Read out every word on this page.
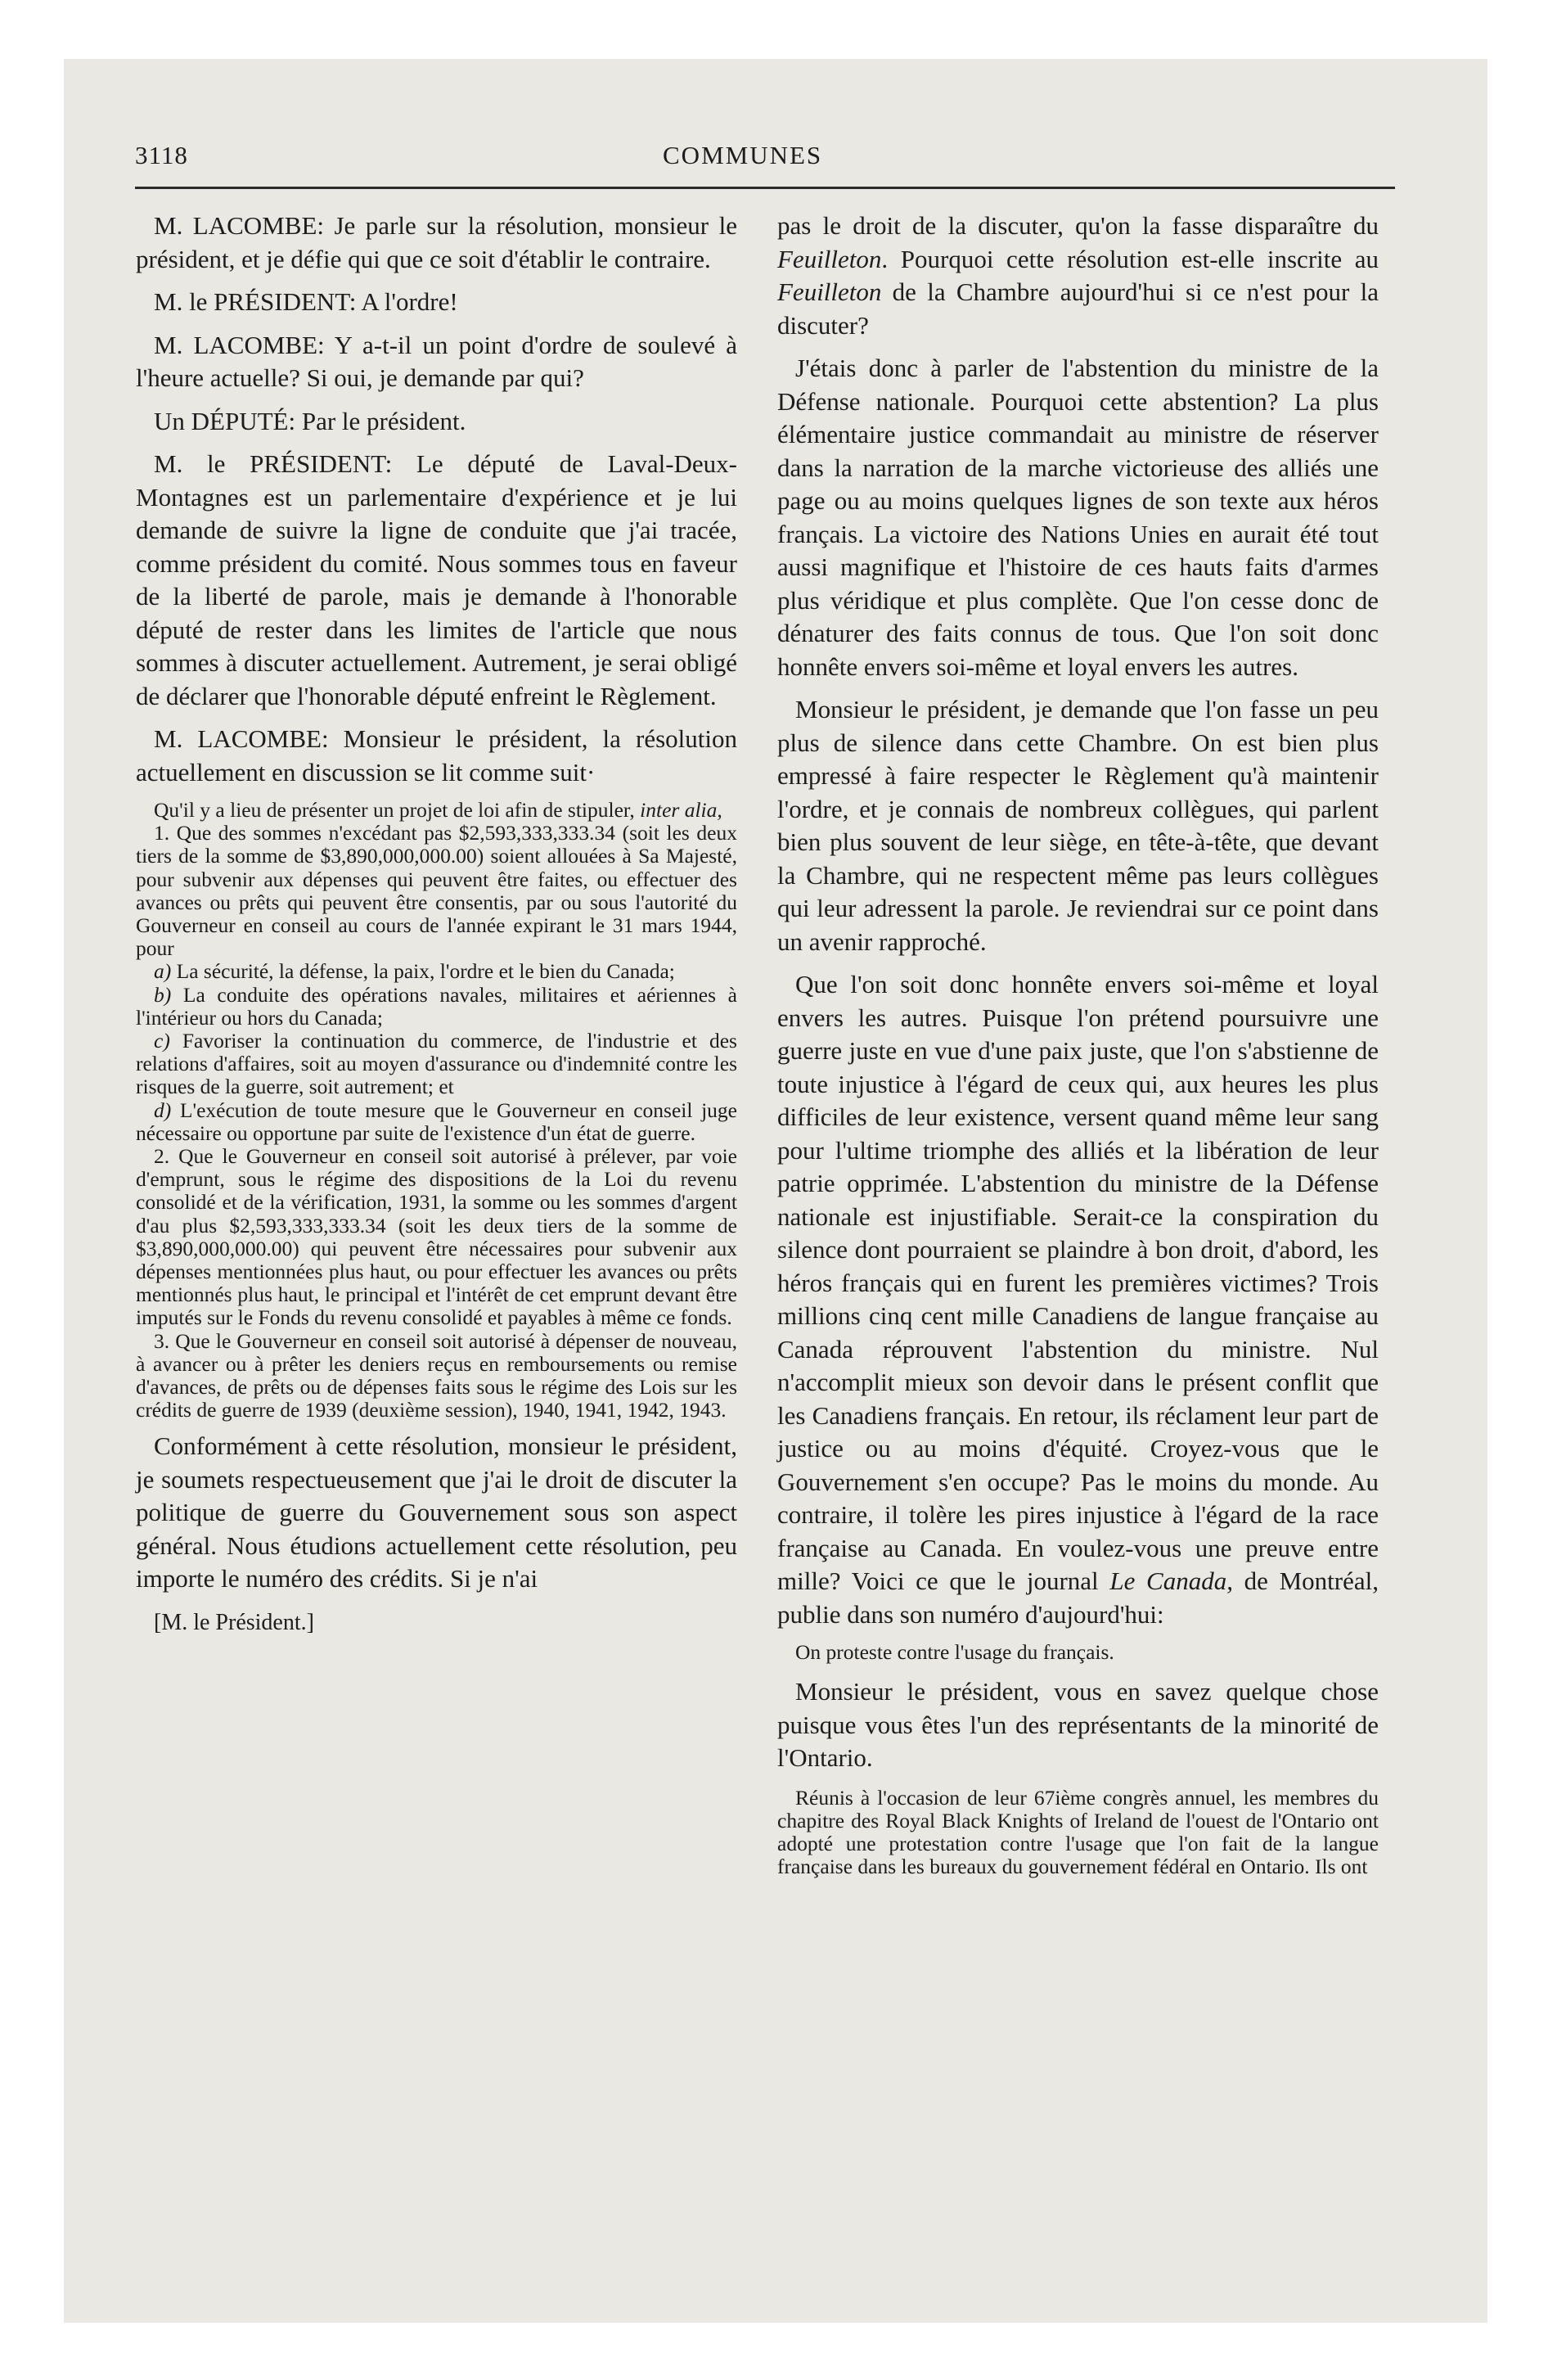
3118	COMMUNES

M. LACOMBE: Je parle sur la résolution, monsieur le président, et je défie qui que ce soit d'établir le contraire.

M. le PRÉSIDENT: A l'ordre!

M. LACOMBE: Y a-t-il un point d'ordre de soulevé à l'heure actuelle? Si oui, je demande par qui?

Un DÉPUTÉ: Par le président.

M. le PRÉSIDENT: Le député de Laval-Deux-Montagnes est un parlementaire d'expérience et je lui demande de suivre la ligne de conduite que j'ai tracée, comme président du comité. Nous sommes tous en faveur de la liberté de parole, mais je demande à l'honorable député de rester dans les limites de l'article que nous sommes à discuter actuellement. Autrement, je serai obligé de déclarer que l'honorable député enfreint le Règlement.

M. LACOMBE: Monsieur le président, la résolution actuellement en discussion se lit comme suit·

Qu'il y a lieu de présenter un projet de loi afin de stipuler, inter alia,

1. Que des sommes n'excédant pas $2,593,333,333.34 (soit les deux tiers de la somme de $3,890,000,000.00) soient allouées à Sa Majesté, pour subvenir aux dépenses qui peuvent être faites, ou effectuer des avances ou prêts qui peuvent être consentis, par ou sous l'autorité du Gouverneur en conseil au cours de l'année expirant le 31 mars 1944, pour

a) La sécurité, la défense, la paix, l'ordre et le bien du Canada;

b) La conduite des opérations navales, militaires et aériennes à l'intérieur ou hors du Canada;

c) Favoriser la continuation du commerce, de l'industrie et des relations d'affaires, soit au moyen d'assurance ou d'indemnité contre les risques de la guerre, soit autrement; et

d) L'exécution de toute mesure que le Gouverneur en conseil juge nécessaire ou opportune par suite de l'existence d'un état de guerre.

2. Que le Gouverneur en conseil soit autorisé à prélever, par voie d'emprunt, sous le régime des dispositions de la Loi du revenu consolidé et de la vérification, 1931, la somme ou les sommes d'argent d'au plus $2,593,333,333.34 (soit les deux tiers de la somme de $3,890,000,000.00) qui peuvent être nécessaires pour subvenir aux dépenses mentionnées plus haut, ou pour effectuer les avances ou prêts mentionnés plus haut, le principal et l'intérêt de cet emprunt devant être imputés sur le Fonds du revenu consolidé et payables à même ce fonds.

3. Que le Gouverneur en conseil soit autorisé à dépenser de nouveau, à avancer ou à prêter les deniers reçus en remboursements ou remise d'avances, de prêts ou de dépenses faits sous le régime des Lois sur les crédits de guerre de 1939 (deuxième session), 1940, 1941, 1942, 1943.

Conformément à cette résolution, monsieur le président, je soumets respectueusement que j'ai le droit de discuter la politique de guerre du Gouvernement sous son aspect général. Nous étudions actuellement cette résolution, peu importe le numéro des crédits. Si je n'ai

[M. le Président.]

pas le droit de la discuter, qu'on la fasse disparaître du Feuilleton. Pourquoi cette résolution est-elle inscrite au Feuilleton de la Chambre aujourd'hui si ce n'est pour la discuter?

J'étais donc à parler de l'abstention du ministre de la Défense nationale. Pourquoi cette abstention? La plus élémentaire justice commandait au ministre de réserver dans la narration de la marche victorieuse des alliés une page ou au moins quelques lignes de son texte aux héros français. La victoire des Nations Unies en aurait été tout aussi magnifique et l'histoire de ces hauts faits d'armes plus véridique et plus complète. Que l'on cesse donc de dénaturer des faits connus de tous. Que l'on soit donc honnête envers soi-même et loyal envers les autres.

Monsieur le président, je demande que l'on fasse un peu plus de silence dans cette Chambre. On est bien plus empressé à faire respecter le Règlement qu'à maintenir l'ordre, et je connais de nombreux collègues, qui parlent bien plus souvent de leur siège, en tête-à-tête, que devant la Chambre, qui ne respectent même pas leurs collègues qui leur adressent la parole. Je reviendrai sur ce point dans un avenir rapproché.

Que l'on soit donc honnête envers soi-même et loyal envers les autres. Puisque l'on prétend poursuivre une guerre juste en vue d'une paix juste, que l'on s'abstienne de toute injustice à l'égard de ceux qui, aux heures les plus difficiles de leur existence, versent quand même leur sang pour l'ultime triomphe des alliés et la libération de leur patrie opprimée. L'abstention du ministre de la Défense nationale est injustifiable. Serait-ce la conspiration du silence dont pourraient se plaindre à bon droit, d'abord, les héros français qui en furent les premières victimes? Trois millions cinq cent mille Canadiens de langue française au Canada réprouvent l'abstention du ministre. Nul n'accomplit mieux son devoir dans le présent conflit que les Canadiens français. En retour, ils réclament leur part de justice ou au moins d'équité. Croyez-vous que le Gouvernement s'en occupe? Pas le moins du monde. Au contraire, il tolère les pires injustice à l'égard de la race française au Canada. En voulez-vous une preuve entre mille? Voici ce que le journal Le Canada, de Montréal, publie dans son numéro d'aujourd'hui:

On proteste contre l'usage du français.

Monsieur le président, vous en savez quelque chose puisque vous êtes l'un des représentants de la minorité de l'Ontario.

Réunis à l'occasion de leur 67ième congrès annuel, les membres du chapitre des Royal Black Knights of Ireland de l'ouest de l'Ontario ont adopté une protestation contre l'usage que l'on fait de la langue française dans les bureaux du gouvernement fédéral en Ontario. Ils ont
